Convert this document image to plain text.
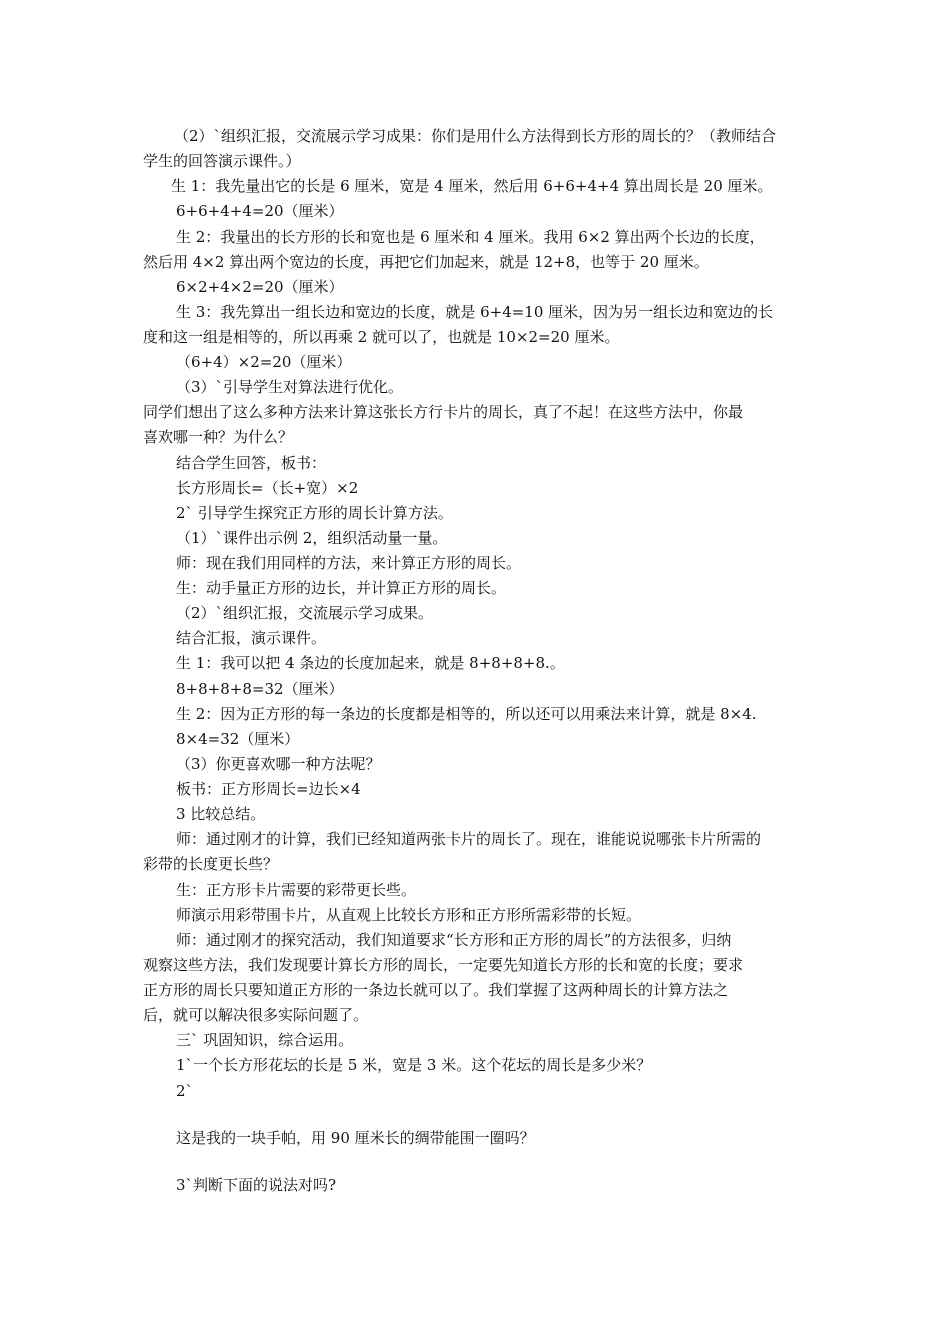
（2）`组织汇报，交流展示学习成果：你们是用什么方法得到长方形的周长的？（教师结合
学生的回答演示课件。）
生 1：我先量出它的长是 6 厘米，宽是 4 厘米，然后用 6+6+4+4 算出周长是 20 厘米。
6+6+4+4=20（厘米）
生 2：我量出的长方形的长和宽也是 6 厘米和 4 厘米。我用 6×2 算出两个长边的长度，
然后用 4×2 算出两个宽边的长度，再把它们加起来，就是 12+8，也等于 20 厘米。
6×2+4×2=20（厘米）
生 3：我先算出一组长边和宽边的长度，就是 6+4=10 厘米，因为另一组长边和宽边的长
度和这一组是相等的，所以再乘 2 就可以了，也就是 10×2=20 厘米。
（6+4）×2=20（厘米）
（3）`引导学生对算法进行优化。
同学们想出了这么多种方法来计算这张长方行卡片的周长，真了不起！在这些方法中，你最
喜欢哪一种？为什么？
结合学生回答，板书：
长方形周长=（长+宽）×2
2` 引导学生探究正方形的周长计算方法。
（1）`课件出示例 2，组织活动量一量。
师：现在我们用同样的方法，来计算正方形的周长。
生：动手量正方形的边长，并计算正方形的周长。
（2）`组织汇报，交流展示学习成果。
结合汇报，演示课件。
生 1：我可以把 4 条边的长度加起来，就是 8+8+8+8.。
8+8+8+8=32（厘米）
生 2：因为正方形的每一条边的长度都是相等的，所以还可以用乘法来计算，就是 8×4.
8×4=32（厘米）
（3）你更喜欢哪一种方法呢？
板书：正方形周长=边长×4
3 比较总结。
师：通过刚才的计算，我们已经知道两张卡片的周长了。现在，谁能说说哪张卡片所需的
彩带的长度更长些？
生：正方形卡片需要的彩带更长些。
师演示用彩带围卡片，从直观上比较长方形和正方形所需彩带的长短。
师：通过刚才的探究活动，我们知道要求“长方形和正方形的周长”的方法很多，归纳
观察这些方法，我们发现要计算长方形的周长，一定要先知道长方形的长和宽的长度；要求
正方形的周长只要知道正方形的一条边长就可以了。我们掌握了这两种周长的计算方法之
后，就可以解决很多实际问题了。
三` 巩固知识，综合运用。
1`一个长方形花坛的长是 5 米，宽是 3 米。这个花坛的周长是多少米？
2`
这是我的一块手帕，用 90 厘米长的绸带能围一圈吗？
3`判断下面的说法对吗?
